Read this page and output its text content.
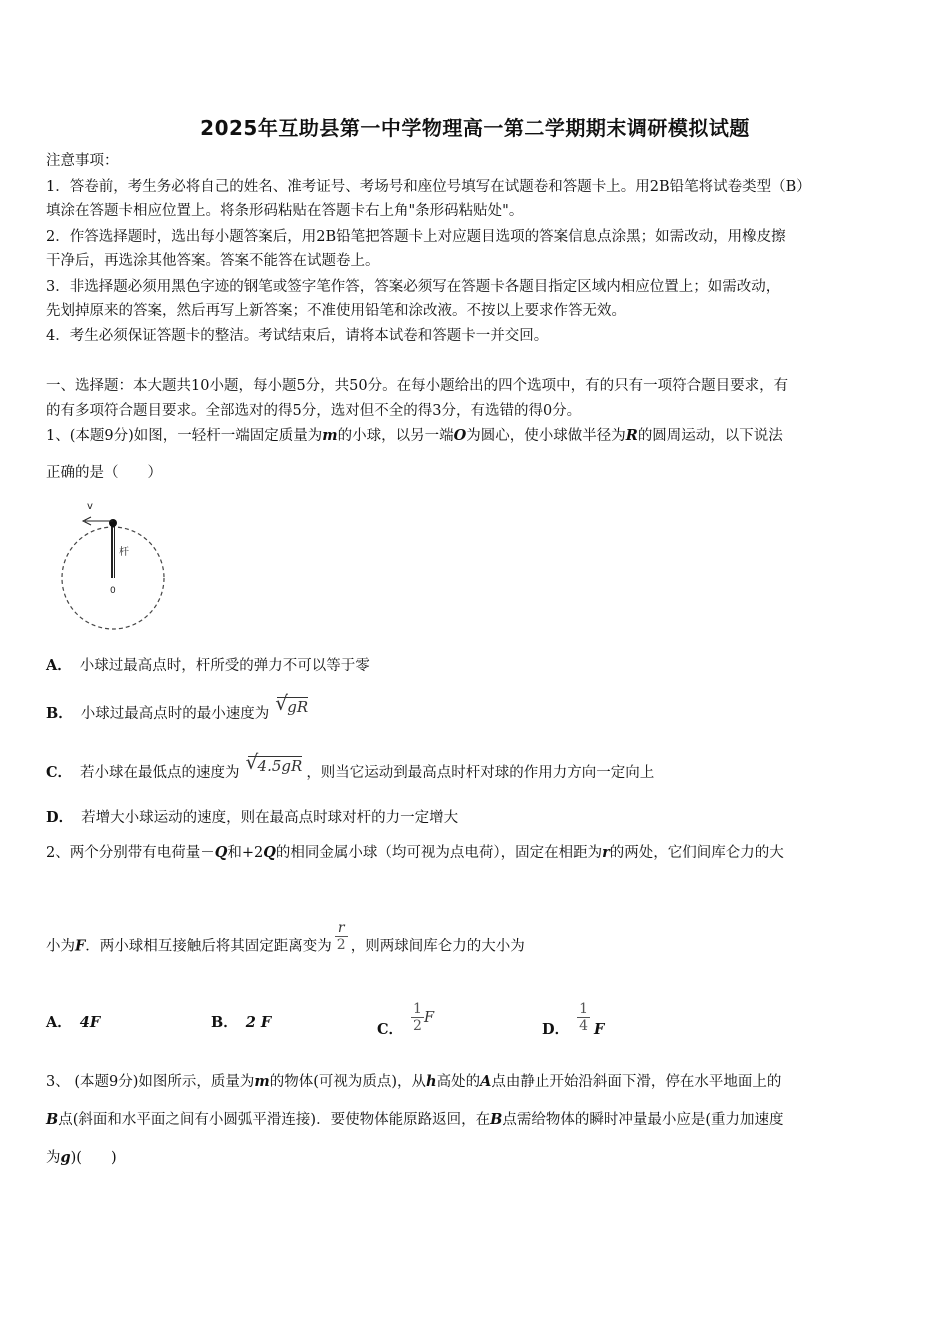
2025年互助县第一中学物理高一第二学期期末调研模拟试题
注意事项：
1．答卷前，考生务必将自己的姓名、准考证号、考场号和座位号填写在试题卷和答题卡上。用2B铅笔将试卷类型（B）
填涂在答题卡相应位置上。将条形码粘贴在答题卡右上角"条形码粘贴处"。
2．作答选择题时，选出每小题答案后，用2B铅笔把答题卡上对应题目选项的答案信息点涂黑；如需改动，用橡皮擦
干净后，再选涂其他答案。答案不能答在试题卷上。
3．非选择题必须用黑色字迹的钢笔或签字笔作答，答案必须写在答题卡各题目指定区域内相应位置上；如需改动，
先划掉原来的答案，然后再写上新答案；不准使用铅笔和涂改液。不按以上要求作答无效。
4．考生必须保证答题卡的整洁。考试结束后，请将本试卷和答题卡一并交回。
一、选择题：本大题共10小题，每小题5分，共50分。在每小题给出的四个选项中，有的只有一项符合题目要求，有
的有多项符合题目要求。全部选对的得5分，选对但不全的得3分，有选错的得0分。
1、(本题9分)如图，一轻杆一端固定质量为m的小球，以另一端O为圆心，使小球做半径为R的圆周运动，以下说法
正确的是（　　）
v
杆
0
A． 小球过最高点时，杆所受的弹力不可以等于零
B． 小球过最高点时的最小速度为 √ gR
C． 若小球在最低点的速度为 √ 4.5gR ，则当它运动到最高点时杆对球的作用力方向一定向上
D． 若增大小球运动的速度，则在最高点时球对杆的力一定增大
2、两个分别带有电荷量－Q和+2Q的相同金属小球（均可视为点电荷），固定在相距为r的两处，它们间库仑力的大
小为F．两小球相互接触后将其固定距离变为 $\frac{r}{2}$ ，则两球间库仑力的大小为
A． 4F	B． 2 F	C． $\frac{1}{2}$ F
D． $\frac{1}{4}$ F
3、 (本题9分)如图所示，质量为m的物体(可视为质点)，从h高处的A点由静止开始沿斜面下滑，停在水平地面上的
B点(斜面和水平面之间有小圆弧平滑连接)．要使物体能原路返回，在B点需给物体的瞬时冲量最小应是(重力加速度
为g)(　　)
